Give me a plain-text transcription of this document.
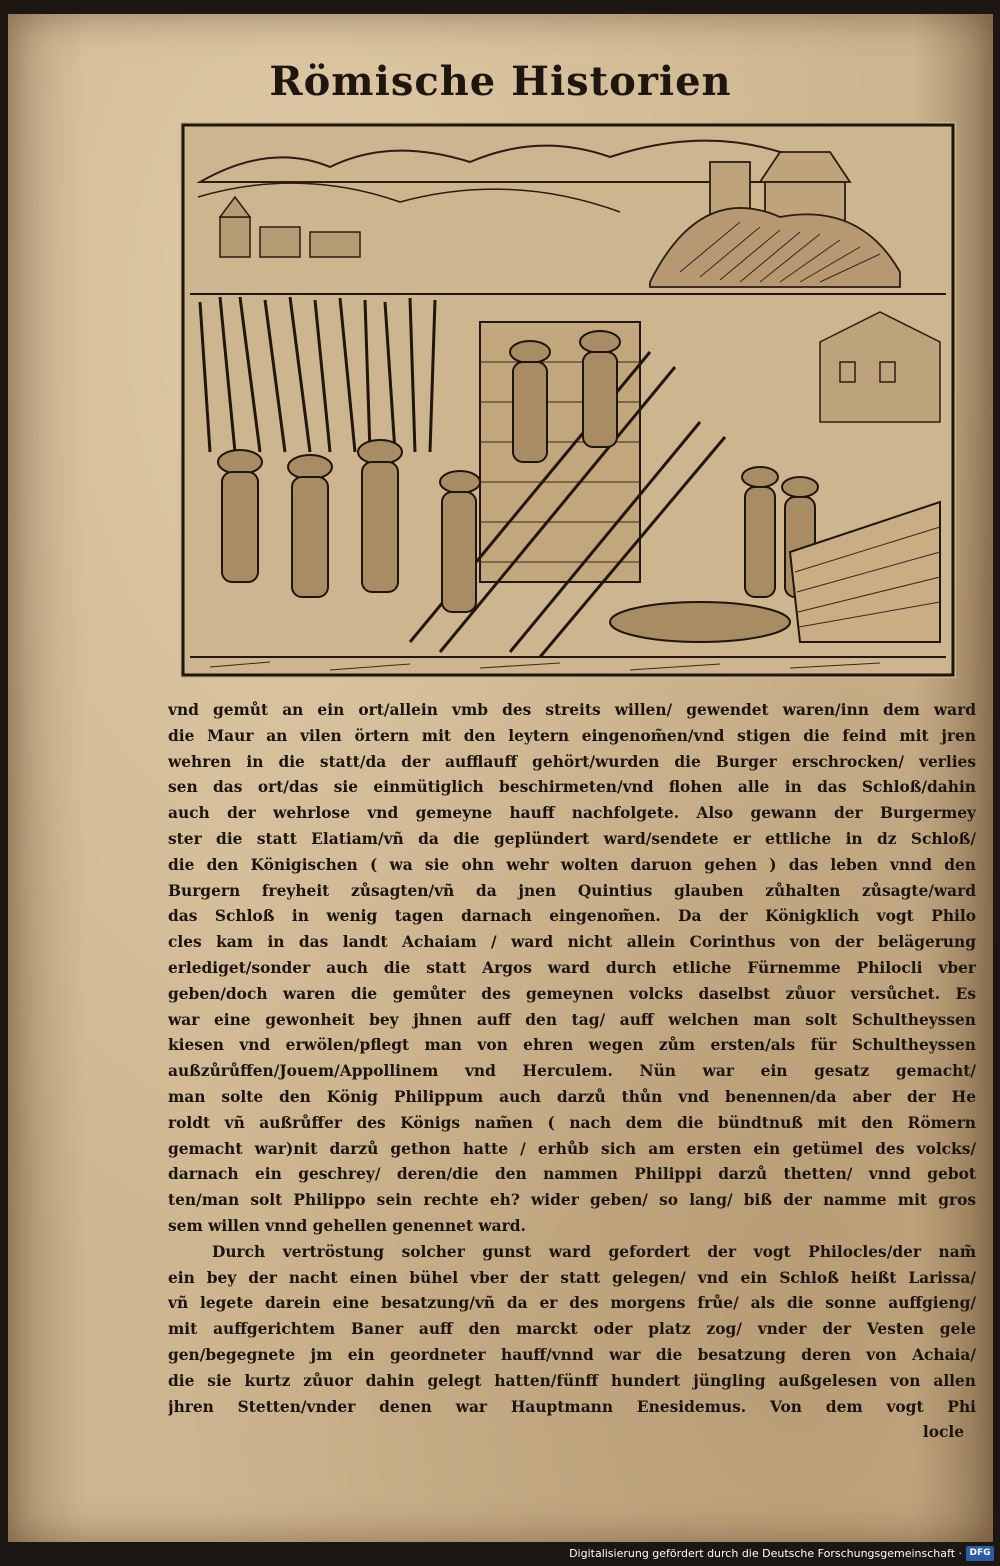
Römische Historien
vnd gemůt an ein ort/allein vmb des streits willen/ gewendet waren/inn dem ward
die Maur an vilen örtern mit den leytern eingenom̃en/vnd stigen die feind mit jren
wehren in die statt/da der aufflauff gehört/wurden die Burger erschrocken/ verlies
sen das ort/das sie einmütiglich beschirmeten/vnd flohen alle in das Schloß/dahin
auch der wehrlose vnd gemeyne hauff nachfolgete. Also gewann der Burgermey
ster die statt Elatiam/vñ da die geplündert ward/sendete er ettliche in dz Schloß/
die den Königischen ( wa sie ohn wehr wolten daruon gehen ) das leben vnnd den
Burgern freyheit zůsagten/vñ da jnen Quintius glauben zůhalten zůsagte/ward
das Schloß in wenig tagen darnach eingenom̃en. Da der Königklich vogt Philo
cles kam in das landt Achaiam / ward nicht allein Corinthus von der belägerung
erlediget/sonder auch die statt Argos ward durch etliche Fürnemme Philocli vber
geben/doch waren die gemůter des gemeynen volcks daselbst zůuor versůchet. Es
war eine gewonheit bey jhnen auff den tag/ auff welchen man solt Schultheyssen
kiesen vnd erwölen/pflegt man von ehren wegen zům ersten/als für Schultheyssen
außzůrůffen/Jouem/Appollinem vnd Herculem. Nün war ein gesatz gemacht/
man solte den König Philippum auch darzů thůn vnd benennen/da aber der He
roldt vñ außrůffer des Königs nam̃en ( nach dem die bündtnuß mit den Römern
gemacht war)nit darzů gethon hatte / erhůb sich am ersten ein getümel des volcks/
darnach ein geschrey/ deren/die den nammen Philippi darzů thetten/ vnnd gebot
ten/man solt Philippo sein rechte eh? wider geben/ so lang/ biß der namme mit gros
sem willen vnnd gehellen genennet ward.
Durch vertröstung solcher gunst ward gefordert der vogt Philocles/der nam̃
ein bey der nacht einen bühel vber der statt gelegen/ vnd ein Schloß heißt Larissa/
vñ legete darein eine besatzung/vñ da er des morgens frůe/ als die sonne auffgieng/
mit auffgerichtem Baner auff den marckt oder platz zog/ vnder der Vesten gele
gen/begegnete jm ein geordneter hauff/vnnd war die besatzung deren von Achaia/
die sie kurtz zůuor dahin gelegt hatten/fünff hundert jüngling außgelesen von allen
jhren Stetten/vnder denen war Hauptmann Enesidemus. Von dem vogt Phi
locle
Digitalisierung gefördert durch die Deutsche Forschungsgemeinschaft · DFG
